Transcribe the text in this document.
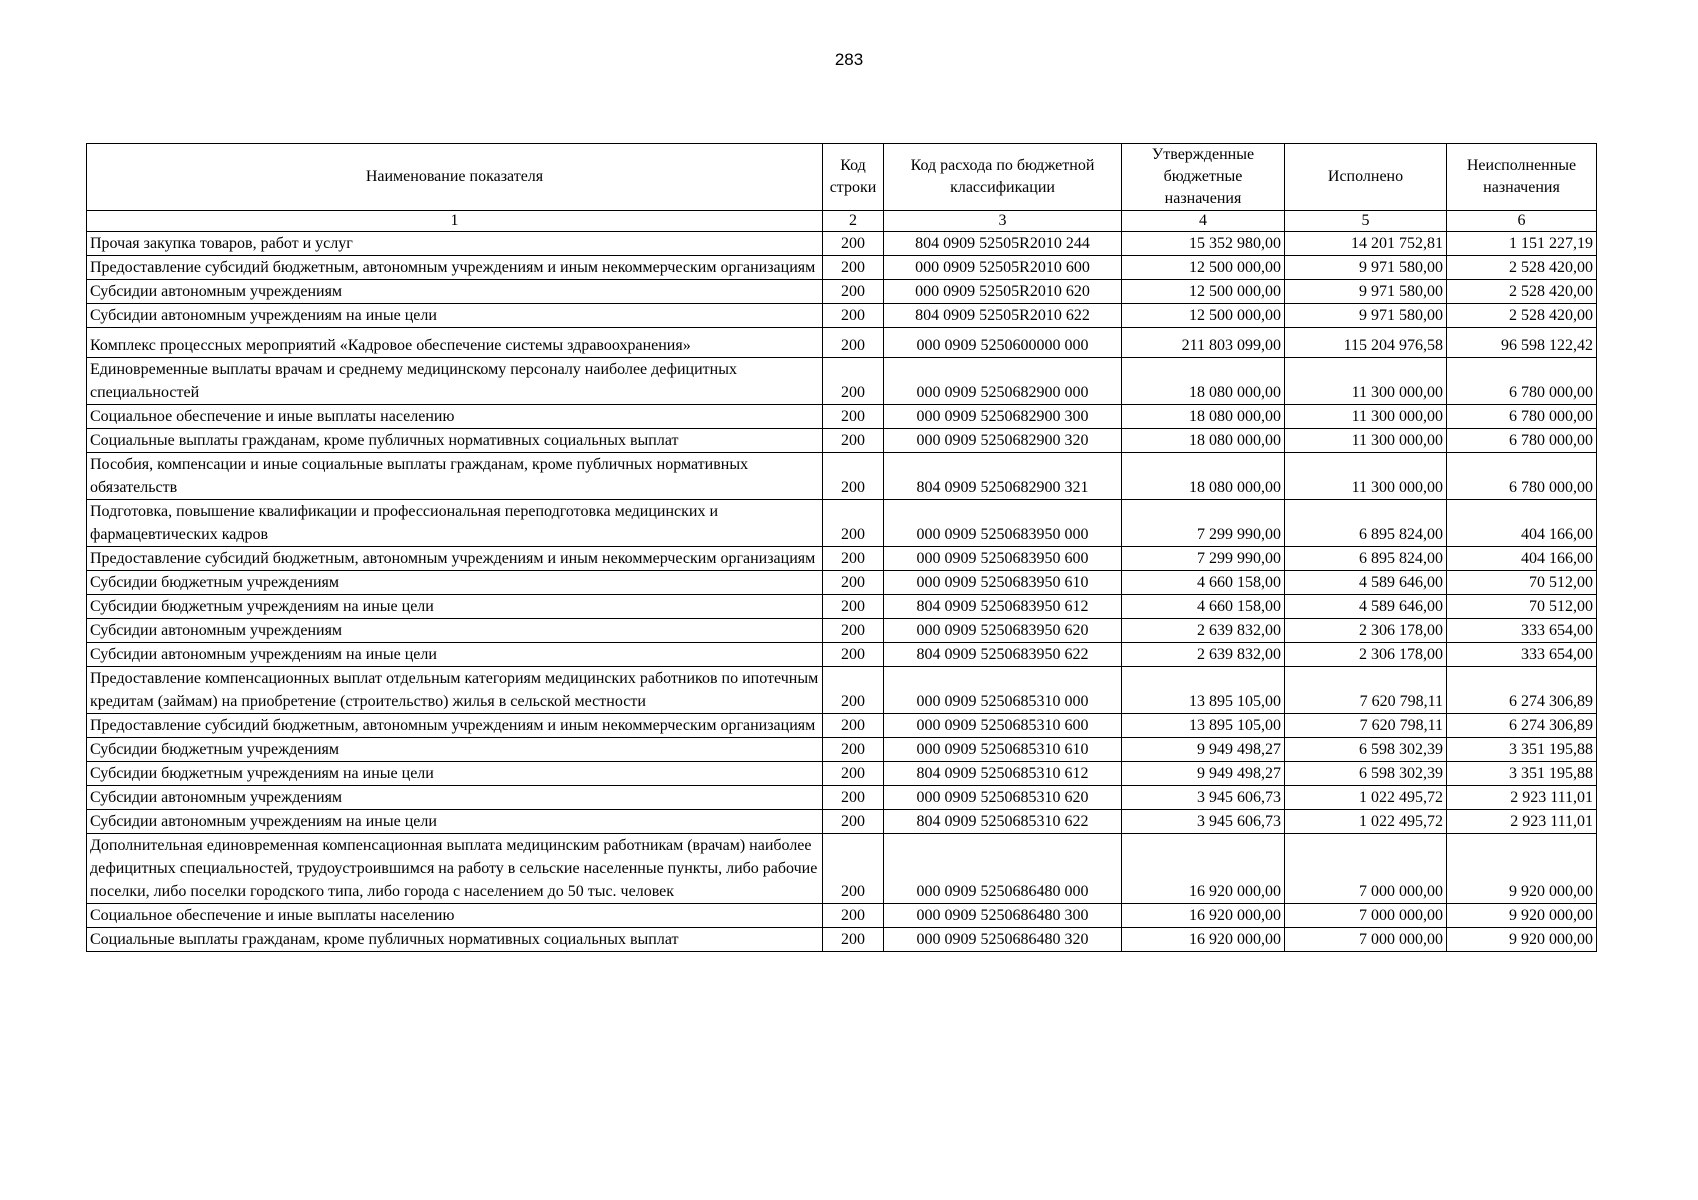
283
Наименование показателя	Код строки	Код расхода по бюджетной классификации	Утвержденные бюджетные назначения	Исполнено	Неисполненные назначения
1	2	3	4	5	6
Прочая закупка товаров, работ и услуг	200	804 0909 52505R2010 244	15 352 980,00	14 201 752,81	1 151 227,19
Предоставление субсидий бюджетным, автономным учреждениям и иным некоммерческим организациям	200	000 0909 52505R2010 600	12 500 000,00	9 971 580,00	2 528 420,00
Субсидии автономным учреждениям	200	000 0909 52505R2010 620	12 500 000,00	9 971 580,00	2 528 420,00
Субсидии автономным учреждениям на иные цели	200	804 0909 52505R2010 622	12 500 000,00	9 971 580,00	2 528 420,00
Комплекс процессных мероприятий «Кадровое обеспечение системы здравоохранения»	200	000 0909 5250600000 000	211 803 099,00	115 204 976,58	96 598 122,42
Единовременные выплаты врачам и среднему медицинскому персоналу наиболее дефицитных специальностей	200	000 0909 5250682900 000	18 080 000,00	11 300 000,00	6 780 000,00
Социальное обеспечение и иные выплаты населению	200	000 0909 5250682900 300	18 080 000,00	11 300 000,00	6 780 000,00
Социальные выплаты гражданам, кроме публичных нормативных социальных выплат	200	000 0909 5250682900 320	18 080 000,00	11 300 000,00	6 780 000,00
Пособия, компенсации и иные социальные выплаты гражданам, кроме публичных нормативных обязательств	200	804 0909 5250682900 321	18 080 000,00	11 300 000,00	6 780 000,00
Подготовка, повышение квалификации и профессиональная переподготовка медицинских и фармацевтических кадров	200	000 0909 5250683950 000	7 299 990,00	6 895 824,00	404 166,00
Предоставление субсидий бюджетным, автономным учреждениям и иным некоммерческим организациям	200	000 0909 5250683950 600	7 299 990,00	6 895 824,00	404 166,00
Субсидии бюджетным учреждениям	200	000 0909 5250683950 610	4 660 158,00	4 589 646,00	70 512,00
Субсидии бюджетным учреждениям на иные цели	200	804 0909 5250683950 612	4 660 158,00	4 589 646,00	70 512,00
Субсидии автономным учреждениям	200	000 0909 5250683950 620	2 639 832,00	2 306 178,00	333 654,00
Субсидии автономным учреждениям на иные цели	200	804 0909 5250683950 622	2 639 832,00	2 306 178,00	333 654,00
Предоставление компенсационных выплат отдельным категориям медицинских работников по ипотечным кредитам (займам) на приобретение (строительство) жилья в сельской местности	200	000 0909 5250685310 000	13 895 105,00	7 620 798,11	6 274 306,89
Предоставление субсидий бюджетным, автономным учреждениям и иным некоммерческим организациям	200	000 0909 5250685310 600	13 895 105,00	7 620 798,11	6 274 306,89
Субсидии бюджетным учреждениям	200	000 0909 5250685310 610	9 949 498,27	6 598 302,39	3 351 195,88
Субсидии бюджетным учреждениям на иные цели	200	804 0909 5250685310 612	9 949 498,27	6 598 302,39	3 351 195,88
Субсидии автономным учреждениям	200	000 0909 5250685310 620	3 945 606,73	1 022 495,72	2 923 111,01
Субсидии автономным учреждениям на иные цели	200	804 0909 5250685310 622	3 945 606,73	1 022 495,72	2 923 111,01
Дополнительная единовременная компенсационная выплата медицинским работникам (врачам) наиболее дефицитных специальностей, трудоустроившимся на работу в сельские населенные пункты, либо рабочие поселки, либо поселки городского типа, либо города с населением до 50 тыс. человек	200	000 0909 5250686480 000	16 920 000,00	7 000 000,00	9 920 000,00
Социальное обеспечение и иные выплаты населению	200	000 0909 5250686480 300	16 920 000,00	7 000 000,00	9 920 000,00
Социальные выплаты гражданам, кроме публичных нормативных социальных выплат	200	000 0909 5250686480 320	16 920 000,00	7 000 000,00	9 920 000,00
